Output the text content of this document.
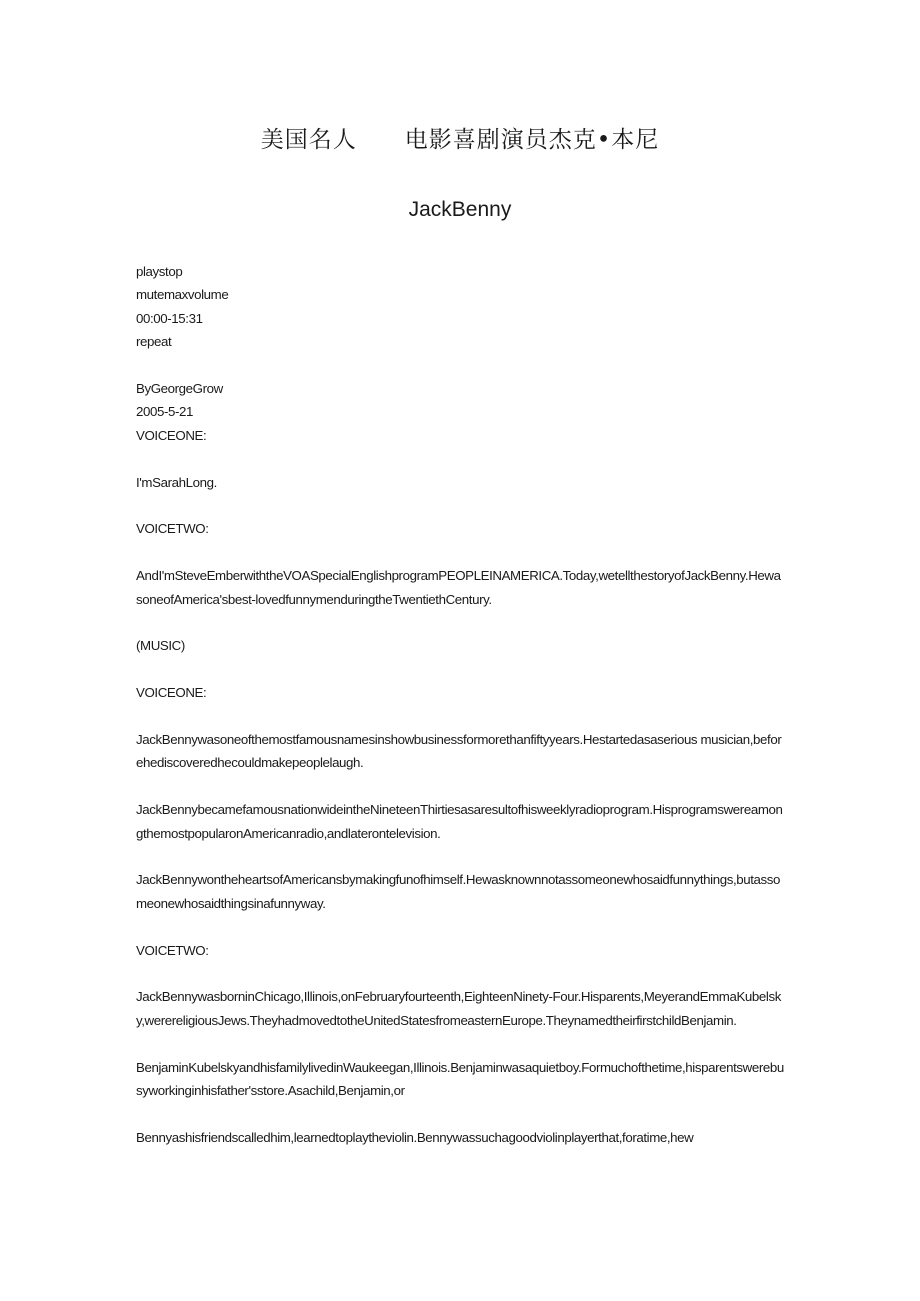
美国名人　　电影喜剧演员杰克•本尼
JackBenny
playstop
mutemaxvolume
00:00-15:31
repeat
ByGeorgeGrow
2005-5-21
VOICEONE:
I'mSarahLong.
VOICETWO:

AndI'mSteveEmberwiththeVOASpecialEnglishprogramPEOPLEINAMERICA.Today,wetellthestoryofJackBenny.HewasoneofAmerica'sbest-lovedfunnymenduringtheTwentiethCentury.

(MUSIC)
VOICEONE:

JackBennywasoneofthemostfamousnamesinshowbusinessformorethanfiftyyears.Hestartedasaserious musician,beforehediscoveredhecouldmakepeoplelaugh.

JackBennybecamefamousnationwideintheNineteenThirtiesasaresultofhisweeklyradioprogram.HisprogramswereamongthemostpopularonAmericanradio,andlaterontelevision.

JackBennywontheheartsofAmericansbymakingfunofhimself.Hewasknownnotassomeonewhosaidfunnythings,butassomeonewhosaidthingsinafunnyway.

VOICETWO:

JackBennywasborninChicago,Illinois,onFebruaryfourteenth,EighteenNinety-Four.Hisparents,MeyerandEmmaKubelsky,werereligiousJews.TheyhadmovedtotheUnitedStatesfromeasternEurope.TheynamedtheirfirstchildBenjamin.

BenjaminKubelskyandhisfamilylivedinWaukeegan,Illinois.Benjaminwasaquietboy.Formuchofthetime,hisparentswerebusyworkinginhisfather'sstore.Asachild,Benjamin,or

Bennyashisfriendscalledhim,learnedtoplaytheviolin.Bennywassuchagoodviolinplayerthat,foratime,hew
